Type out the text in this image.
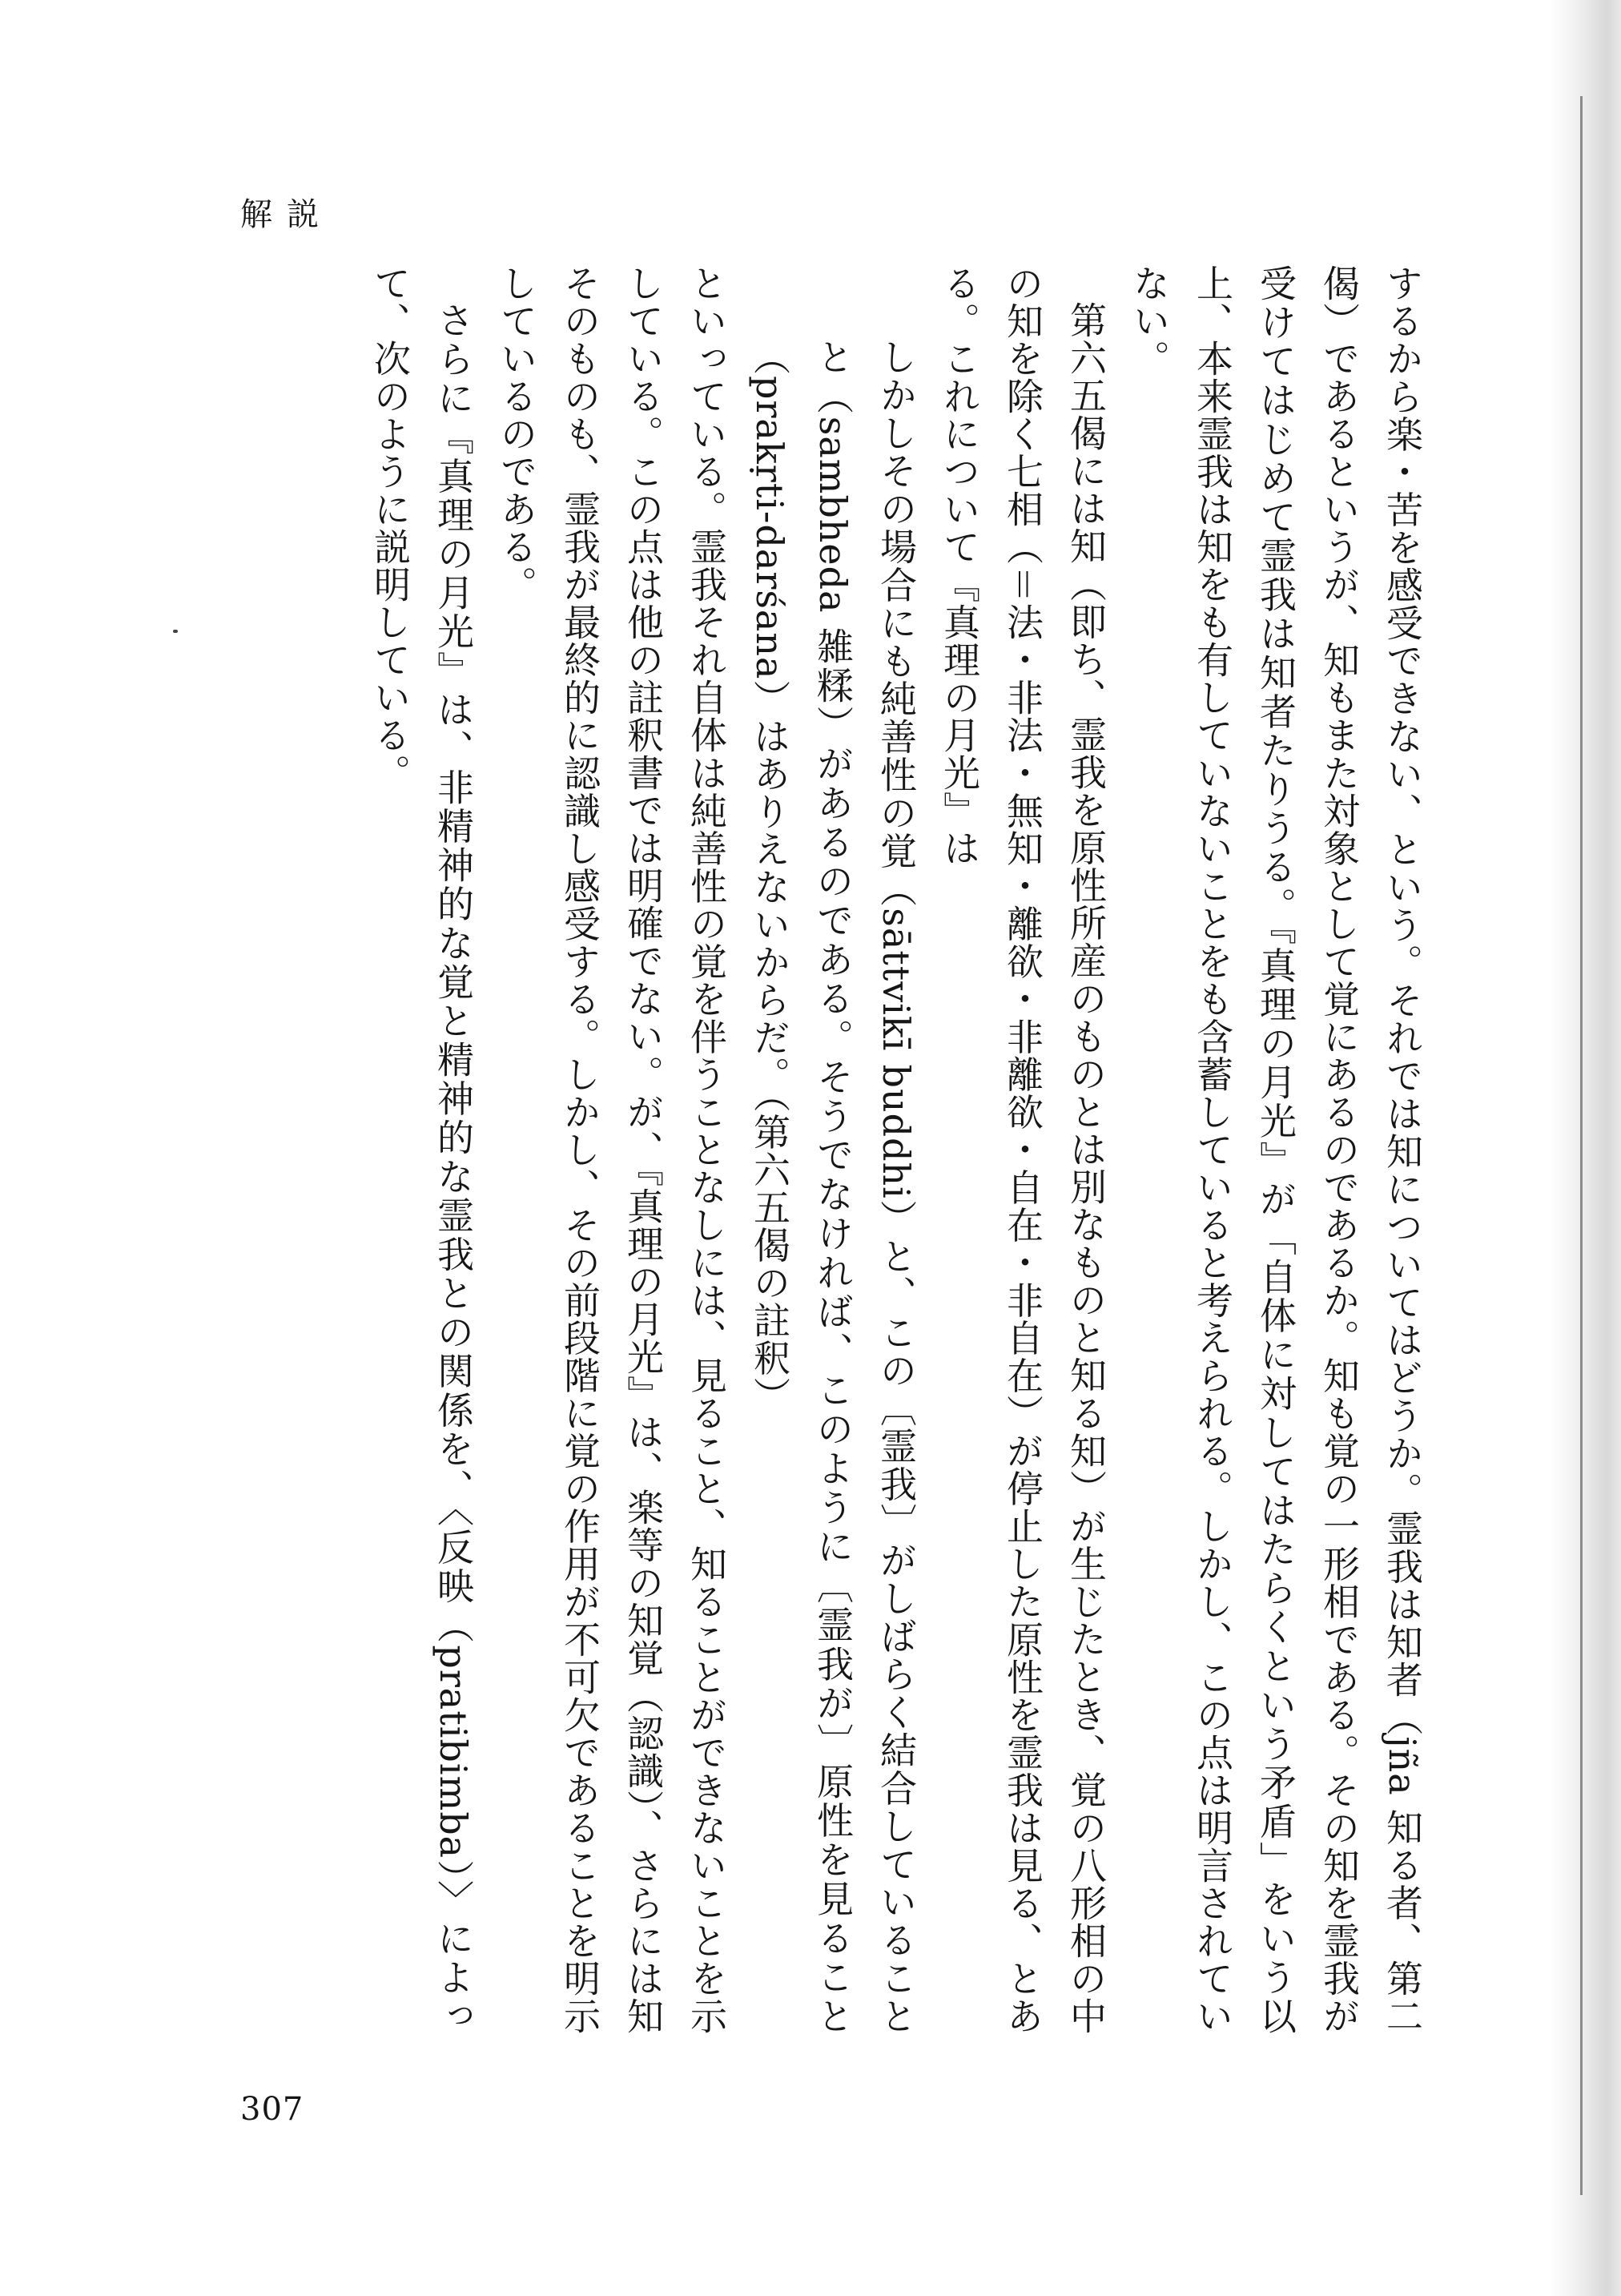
解説

するから楽・苦を感受できない、という。それでは知についてはどうか。霊我は知者（jña 知る者、第二偈）であるというが、知もまた対象として覚にあるのであるか。知も覚の一形相である。その知を霊我が受けてはじめて霊我は知者たりうる。『真理の月光』が「自体に対してはたらくという矛盾」をいう以上、本来霊我は知をも有していないことをも含蓄していると考えられる。しかし、この点は明言されていない。

第六五偈には知（即ち、霊我を原性所産のものとは別なものと知る知）が生じたとき、覚の八形相の中の知を除く七相（＝法・非法・無知・離欲・非離欲・自在・非自在）が停止した原性を霊我は見る、とある。これについて『真理の月光』は

しかしその場合にも純善性の覚（sāttvikī buddhi）と、この〔霊我〕がしばらく結合していることと（sambheda 雑糅）があるのである。そうでなければ、このように〔霊我が〕原性を見ること（prakṛti-darśana）はありえないからだ。（第六五偈の註釈）

といっている。霊我それ自体は純善性の覚を伴うことなしには、見ること、知ることができないことを示している。この点は他の註釈書では明確でない。が、『真理の月光』は、楽等の知覚（認識）、さらには知そのものも、霊我が最終的に認識し感受する。しかし、その前段階に覚の作用が不可欠であることを明示しているのである。

さらに『真理の月光』は、非精神的な覚と精神的な霊我との関係を、〈反映（pratibimba）〉によって、次のように説明している。

307
